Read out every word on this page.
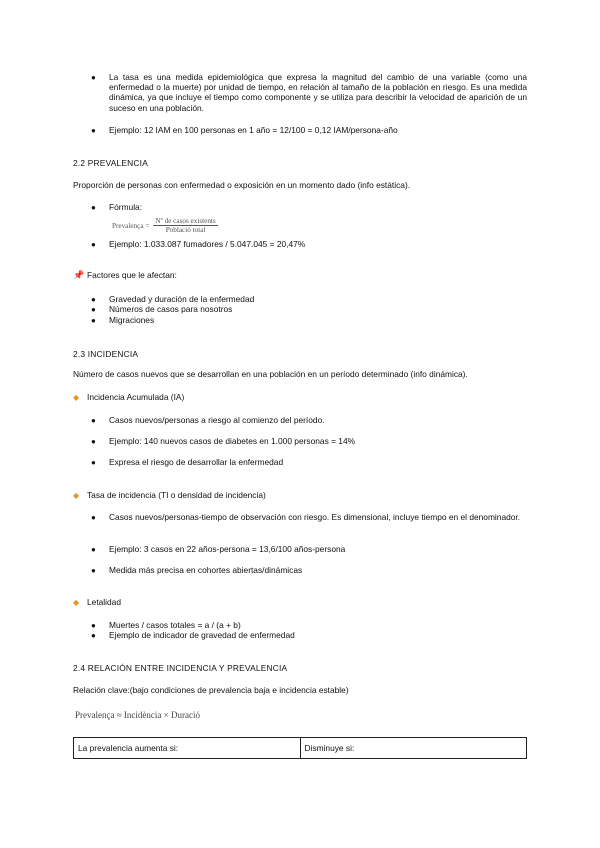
● La tasa es una medida epidemiológica que expresa la magnitud del cambio de una variable (como una enfermedad o la muerte) por unidad de tiempo, en relación al tamaño de la población en riesgo. Es una medida dinámica, ya que incluye el tiempo como componente y se utiliza para describir la velocidad de aparición de un suceso en una población.
● Ejemplo: 12 IAM en 100 personas en 1 año = 12/100 = 0,12 IAM/persona-año
2.2 PREVALENCIA
Proporción de personas con enfermedad o exposición en un momento dado (info estática).
● Fórmula:
Prevalença = $\frac{\text{Nº de casos existents}}{\text{Població total}}$
● Ejemplo: 1.033.087 fumadores / 5.047.045 = 20,47%
📌 Factores que le afectan:
● Gravedad y duración de la enfermedad
● Números de casos para nosotros
● Migraciones
2.3 INCIDENCIA
Número de casos nuevos que se desarrollan en una población en un período determinado (info dinámica).
◆ Incidencia Acumulada (IA)
● Casos nuevos/personas a riesgo al comienzo del período.
● Ejemplo: 140 nuevos casos de diabetes en 1.000 personas = 14%
● Expresa el riesgo de desarrollar la enfermedad
◆ Tasa de incidencia (TI o densidad de incidencia)
● Casos nuevos/personas-tiempo de observación con riesgo. Es dimensional, incluye tiempo en el denominador.
● Ejemplo: 3 casos en 22 años-persona = 13,6/100 años-persona
● Medida más precisa en cohortes abiertas/dinámicas
◆ Letalidad
● Muertes / casos totales = a / (a + b)
● Ejemplo de indicador de gravedad de enfermedad
2.4 RELACIÓN ENTRE INCIDENCIA Y PREVALENCIA
Relación clave:(bajo condiciones de prevalencia baja e incidencia estable)
Prevalença ≈ Incidència × Duració
La prevalencia aumenta si:	Disminuye si:
